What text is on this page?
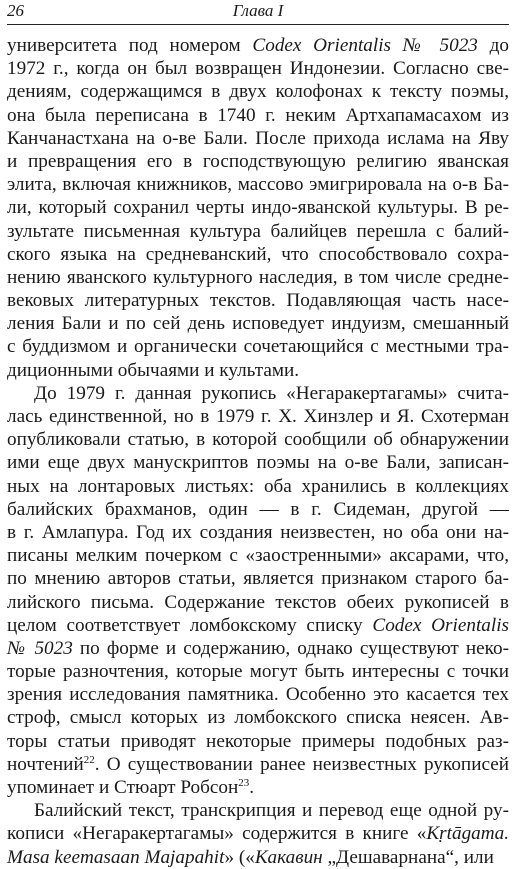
26	Глава I
университета под номером Codex Orientalis № 5023 до
1972 г., когда он был возвращен Индонезии. Согласно све-
дениям, содержащимся в двух колофонах к тексту поэмы,
она была переписана в 1740 г. неким Артхапамасахом из
Канчанастхана на о-ве Бали. После прихода ислама на Яву
и превращения его в господствующую религию яванская
элита, включая книжников, массово эмигрировала на о-в Ба-
ли, который сохранил черты индо-яванской культуры. В ре-
зультате письменная культура балийцев перешла с балий-
ского языка на средневанский, что способствовало сохра-
нению яванского культурного наследия, в том числе средне-
вековых литературных текстов. Подавляющая часть насе-
ления Бали и по сей день исповедует индуизм, смешанный
с буддизмом и органически сочетающийся с местными тра-
диционными обычаями и культами.
До 1979 г. данная рукопись «Негаракертагамы» счита-
лась единственной, но в 1979 г. Х. Хинзлер и Я. Схотерман
опубликовали статью, в которой сообщили об обнаружении
ими еще двух манускриптов поэмы на о-ве Бали, записан-
ных на лонтаровых листьях: оба хранились в коллекциях
балийских брахманов, один — в г. Сидеман, другой —
в г. Амлапура. Год их создания неизвестен, но оба они на-
писаны мелким почерком с «заостренными» аксарами, что,
по мнению авторов статьи, является признаком старого ба-
лийского письма. Содержание текстов обеих рукописей в
целом соответствует ломбокскому списку Codex Orientalis
№ 5023 по форме и содержанию, однако существуют неко-
торые разночтения, которые могут быть интересны с точки
зрения исследования памятника. Особенно это касается тех
строф, смысл которых из ломбокского списка неясен. Ав-
торы статьи приводят некоторые примеры подобных раз-
ночтений$^{22}$. О существовании ранее неизвестных рукописей
упоминает и Стюарт Робсон$^{23}$.
Балийский текст, транскрипция и перевод еще одной ру-
кописи «Негаракертагамы» содержится в книге «Kṛtāgama.
Masa keemasaan Majapahit» («Какавин „Дешаварнана“, или
